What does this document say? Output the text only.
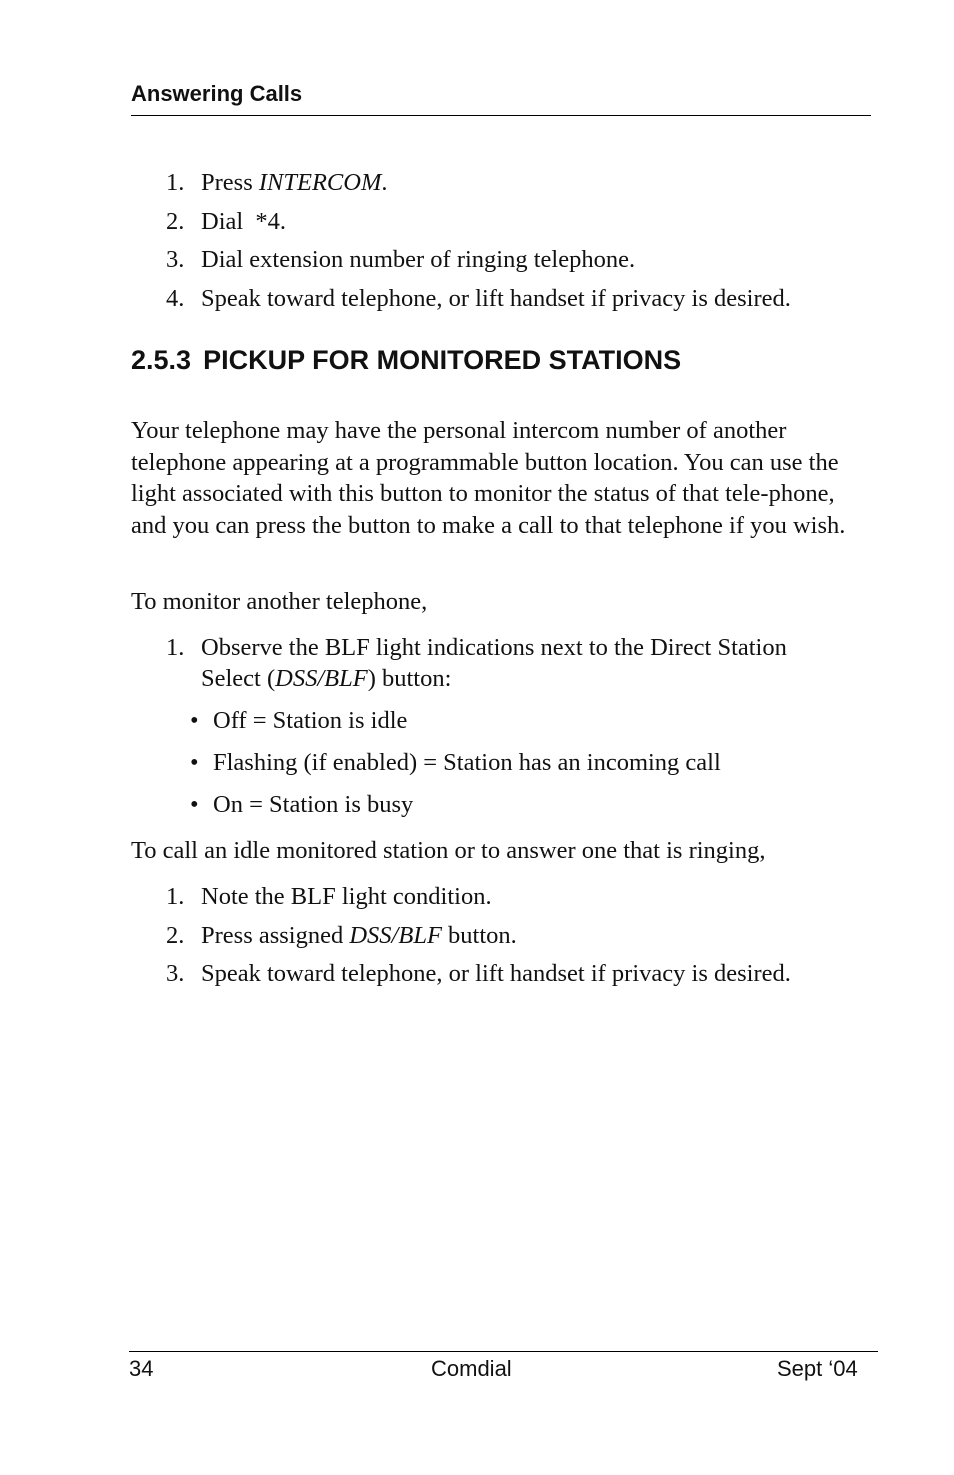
Answering Calls
1. Press INTERCOM.
2. Dial  *4.
3. Dial extension number of ringing telephone.
4. Speak toward telephone, or lift handset if privacy is desired.
2.5.3 PICKUP FOR MONITORED STATIONS

Your telephone may have the personal intercom number of another telephone appearing at a programmable button location. You can use the light associated with this button to monitor the status of that tele-phone, and you can press the button to make a call to that telephone if you wish.

To monitor another telephone,

1. Observe the BLF light indications next to the Direct Station
Select (DSS/BLF) button:
• Off = Station is idle
• Flashing (if enabled) = Station has an incoming call
• On = Station is busy

To call an idle monitored station or to answer one that is ringing,

1. Note the BLF light condition.
2. Press assigned DSS/BLF button.
3. Speak toward telephone, or lift handset if privacy is desired.
34	Comdial	Sept ‘04
